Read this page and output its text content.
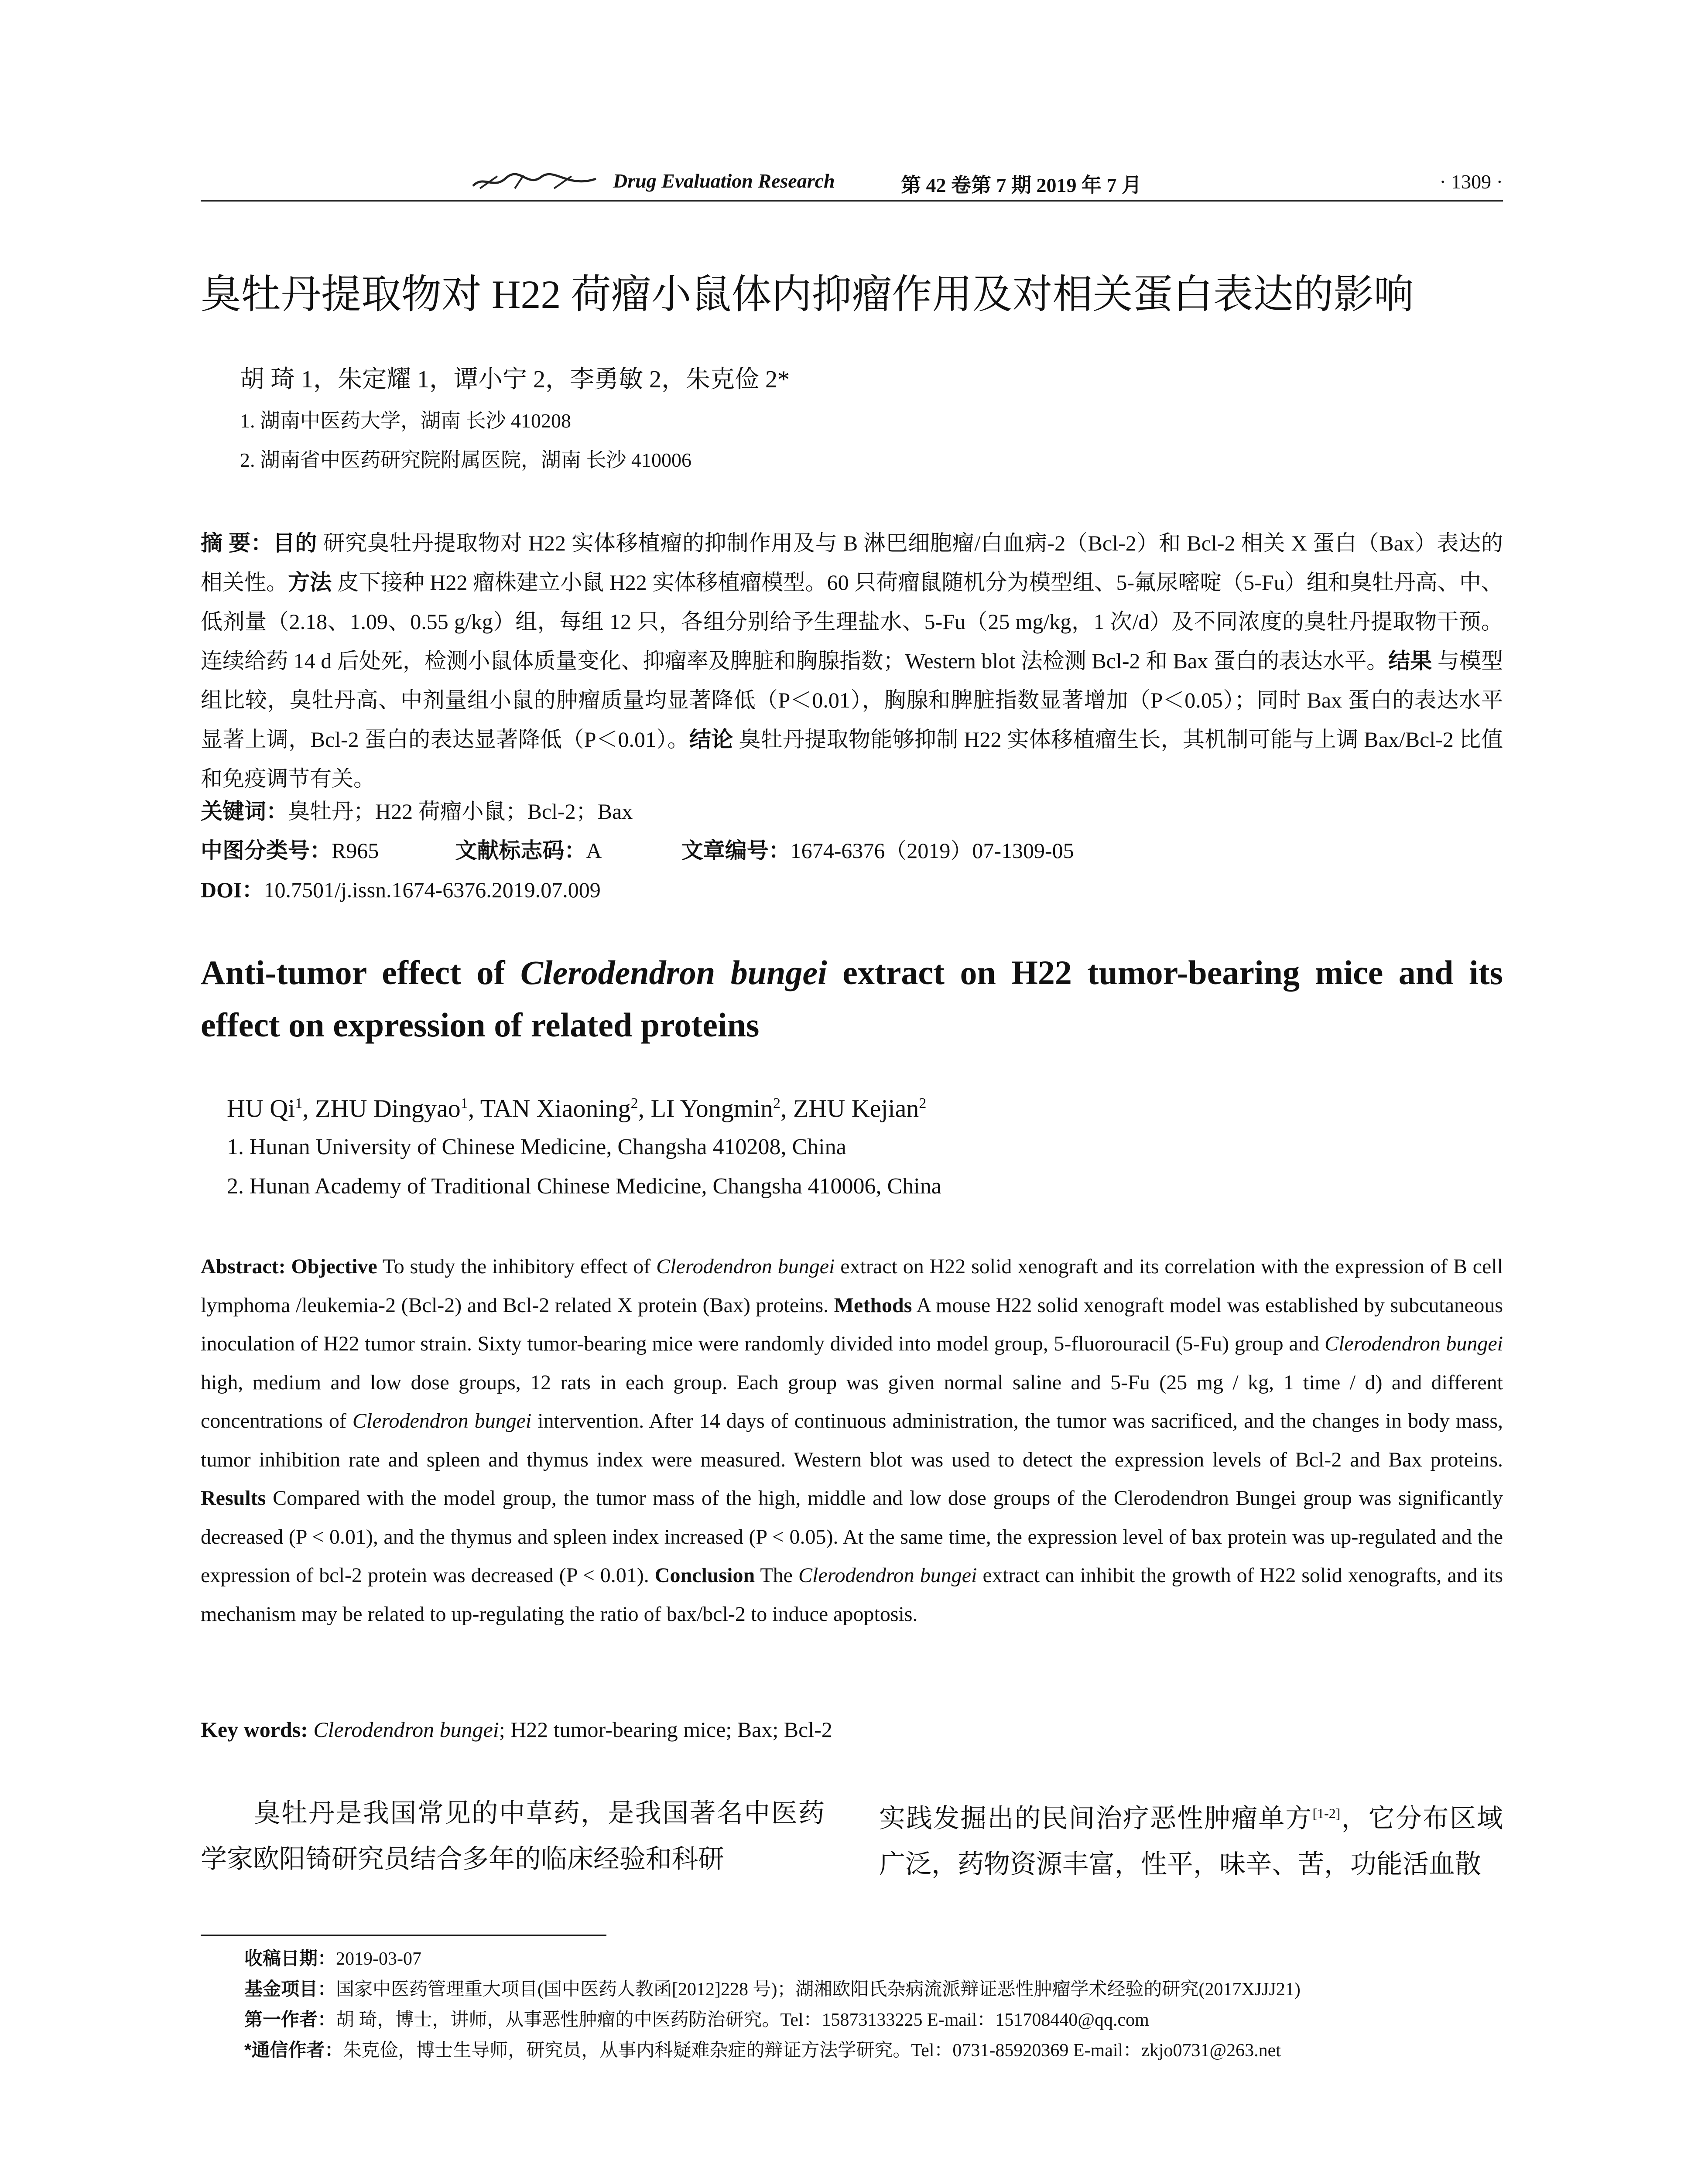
Drug Evaluation Research	第 42 卷第 7 期 2019 年 7 月	· 1309 ·
臭牡丹提取物对 H22 荷瘤小鼠体内抑瘤作用及对相关蛋白表达的影响
胡 琦 1，朱定耀 1，谭小宁 2，李勇敏 2，朱克俭 2*
1. 湖南中医药大学，湖南 长沙 410208
2. 湖南省中医药研究院附属医院，湖南 长沙 410006
摘 要：目的 研究臭牡丹提取物对 H22 实体移植瘤的抑制作用及与 B 淋巴细胞瘤/白血病-2（Bcl-2）和 Bcl-2 相关 X 蛋白（Bax）表达的相关性。方法 皮下接种 H22 瘤株建立小鼠 H22 实体移植瘤模型。60 只荷瘤鼠随机分为模型组、5-氟尿嘧啶（5-Fu）组和臭牡丹高、中、低剂量（2.18、1.09、0.55 g/kg）组，每组 12 只，各组分别给予生理盐水、5-Fu（25 mg/kg，1 次/d）及不同浓度的臭牡丹提取物干预。连续给药 14 d 后处死，检测小鼠体质量变化、抑瘤率及脾脏和胸腺指数；Western blot 法检测 Bcl-2 和 Bax 蛋白的表达水平。结果 与模型组比较，臭牡丹高、中剂量组小鼠的肿瘤质量均显著降低（P＜0.01），胸腺和脾脏指数显著增加（P＜0.05）；同时 Bax 蛋白的表达水平显著上调，Bcl-2 蛋白的表达显著降低（P＜0.01）。结论 臭牡丹提取物能够抑制 H22 实体移植瘤生长，其机制可能与上调 Bax/Bcl-2 比值和免疫调节有关。
关键词：臭牡丹；H22 荷瘤小鼠；Bcl-2；Bax
中图分类号：R965	文献标志码：A	文章编号：1674-6376（2019）07-1309-05
DOI：10.7501/j.issn.1674-6376.2019.07.009
Anti-tumor effect of Clerodendron bungei extract on H22 tumor-bearing mice and its effect on expression of related proteins
HU Qi$^1$, ZHU Dingyao$^1$, TAN Xiaoning$^2$, LI Yongmin$^2$, ZHU Kejian$^2$
1. Hunan University of Chinese Medicine, Changsha 410208, China
2. Hunan Academy of Traditional Chinese Medicine, Changsha 410006, China
Abstract: Objective To study the inhibitory effect of Clerodendron bungei extract on H22 solid xenograft and its correlation with the expression of B cell lymphoma /leukemia-2 (Bcl-2) and Bcl-2 related X protein (Bax) proteins. Methods A mouse H22 solid xenograft model was established by subcutaneous inoculation of H22 tumor strain. Sixty tumor-bearing mice were randomly divided into model group, 5-fluorouracil (5-Fu) group and Clerodendron bungei high, medium and low dose groups, 12 rats in each group. Each group was given normal saline and 5-Fu (25 mg / kg, 1 time / d) and different concentrations of Clerodendron bungei intervention. After 14 days of continuous administration, the tumor was sacrificed, and the changes in body mass, tumor inhibition rate and spleen and thymus index were measured. Western blot was used to detect the expression levels of Bcl-2 and Bax proteins. Results Compared with the model group, the tumor mass of the high, middle and low dose groups of the Clerodendron Bungei group was significantly decreased (P < 0.01), and the thymus and spleen index increased (P < 0.05). At the same time, the expression level of bax protein was up-regulated and the expression of bcl-2 protein was decreased (P < 0.01). Conclusion The Clerodendron bungei extract can inhibit the growth of H22 solid xenografts, and its mechanism may be related to up-regulating the ratio of bax/bcl-2 to induce apoptosis.
Key words: Clerodendron bungei; H22 tumor-bearing mice; Bax; Bcl-2
臭牡丹是我国常见的中草药，是我国著名中医药学家欧阳锜研究员结合多年的临床经验和科研
实践发掘出的民间治疗恶性肿瘤单方[1-2]，它分布区域广泛，药物资源丰富，性平，味辛、苦，功能活血散
收稿日期：2019-03-07
基金项目：国家中医药管理重大项目(国中医药人教函[2012]228 号)；湖湘欧阳氏杂病流派辩证恶性肿瘤学术经验的研究(2017XJJJ21)
第一作者：胡 琦，博士，讲师，从事恶性肿瘤的中医药防治研究。Tel：15873133225 E-mail：151708440@qq.com
*通信作者：朱克俭，博士生导师，研究员，从事内科疑难杂症的辩证方法学研究。Tel：0731-85920369 E-mail：zkjo0731@263.net
